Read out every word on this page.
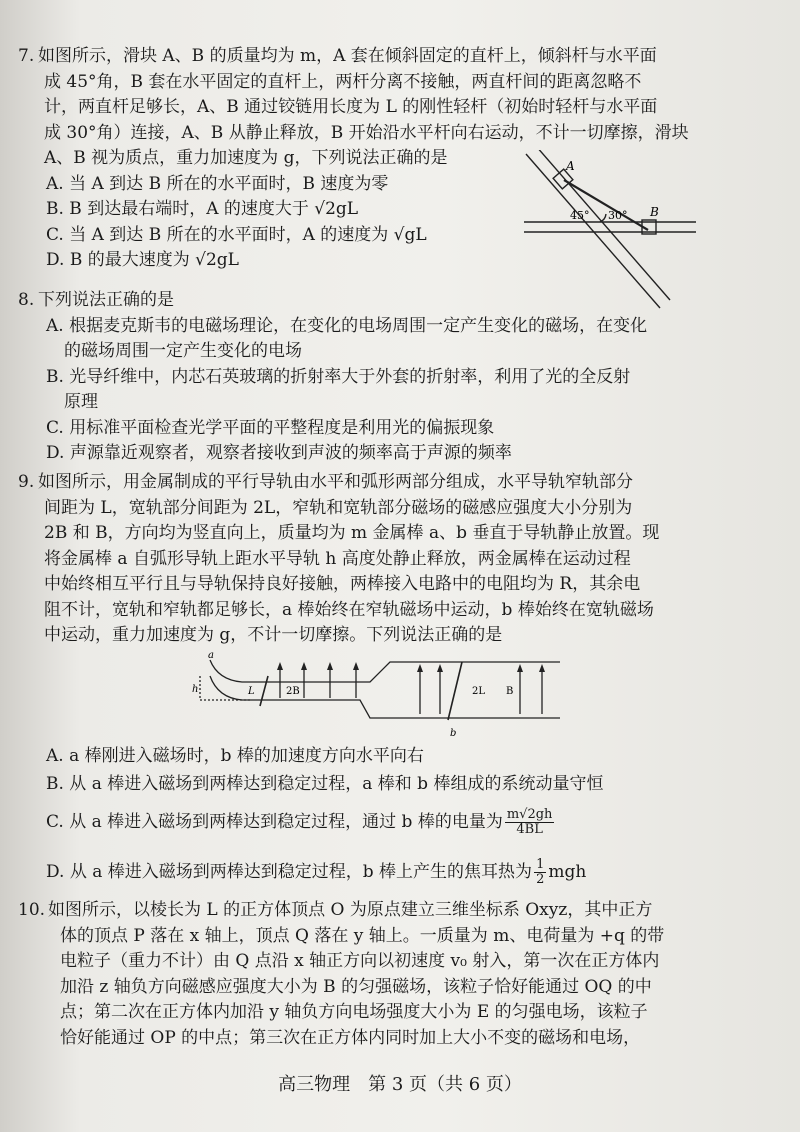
7. 如图所示，滑块 A、B 的质量均为 m，A 套在倾斜固定的直杆上，倾斜杆与水平面
成 45°角，B 套在水平固定的直杆上，两杆分离不接触，两直杆间的距离忽略不
计，两直杆足够长，A、B 通过铰链用长度为 L 的刚性轻杆（初始时轻杆与水平面
成 30°角）连接，A、B 从静止释放，B 开始沿水平杆向右运动，不计一切摩擦，滑块
A、B 视为质点，重力加速度为 g，下列说法正确的是
A. 当 A 到达 B 所在的水平面时，B 速度为零
B. B 到达最右端时，A 的速度大于 √2gL
C. 当 A 到达 B 所在的水平面时，A 的速度为 √gL
D. B 的最大速度为 √2gL
A
B
45° 30°
8. 下列说法正确的是
A. 根据麦克斯韦的电磁场理论，在变化的电场周围一定产生变化的磁场，在变化
的磁场周围一定产生变化的电场
B. 光导纤维中，内芯石英玻璃的折射率大于外套的折射率，利用了光的全反射
原理
C. 用标准平面检查光学平面的平整程度是利用光的偏振现象
D. 声源靠近观察者，观察者接收到声波的频率高于声源的频率
9. 如图所示，用金属制成的平行导轨由水平和弧形两部分组成，水平导轨窄轨部分
间距为 L，宽轨部分间距为 2L，窄轨和宽轨部分磁场的磁感应强度大小分别为
2B 和 B，方向均为竖直向上，质量均为 m 金属棒 a、b 垂直于导轨静止放置。现
将金属棒 a 自弧形导轨上距水平导轨 h 高度处静止释放，两金属棒在运动过程
中始终相互平行且与导轨保持良好接触，两棒接入电路中的电阻均为 R，其余电
阻不计，宽轨和窄轨都足够长，a 棒始终在窄轨磁场中运动，b 棒始终在宽轨磁场
中运动，重力加速度为 g，不计一切摩擦。下列说法正确的是
a
h	L	2B	2L B
b
A. a 棒刚进入磁场时，b 棒的加速度方向水平向右
B. 从 a 棒进入磁场到两棒达到稳定过程，a 棒和 b 棒组成的系统动量守恒
C. 从 a 棒进入磁场到两棒达到稳定过程，通过 b 棒的电量为 $\frac{m√2gh}{4BL}$
D. 从 a 棒进入磁场到两棒达到稳定过程，b 棒上产生的焦耳热为 $\frac{1}{2}$ mgh
10. 如图所示，以棱长为 L 的正方体顶点 O 为原点建立三维坐标系 Oxyz，其中正方
体的顶点 P 落在 x 轴上，顶点 Q 落在 y 轴上。一质量为 m、电荷量为 +q 的带
电粒子（重力不计）由 Q 点沿 x 轴正方向以初速度 v₀ 射入，第一次在正方体内
加沿 z 轴负方向磁感应强度大小为 B 的匀强磁场，该粒子恰好能通过 OQ 的中
点；第二次在正方体内加沿 y 轴负方向电场强度大小为 E 的匀强电场，该粒子
恰好能通过 OP 的中点；第三次在正方体内同时加上大小不变的磁场和电场，
高三物理　第 3 页（共 6 页）
